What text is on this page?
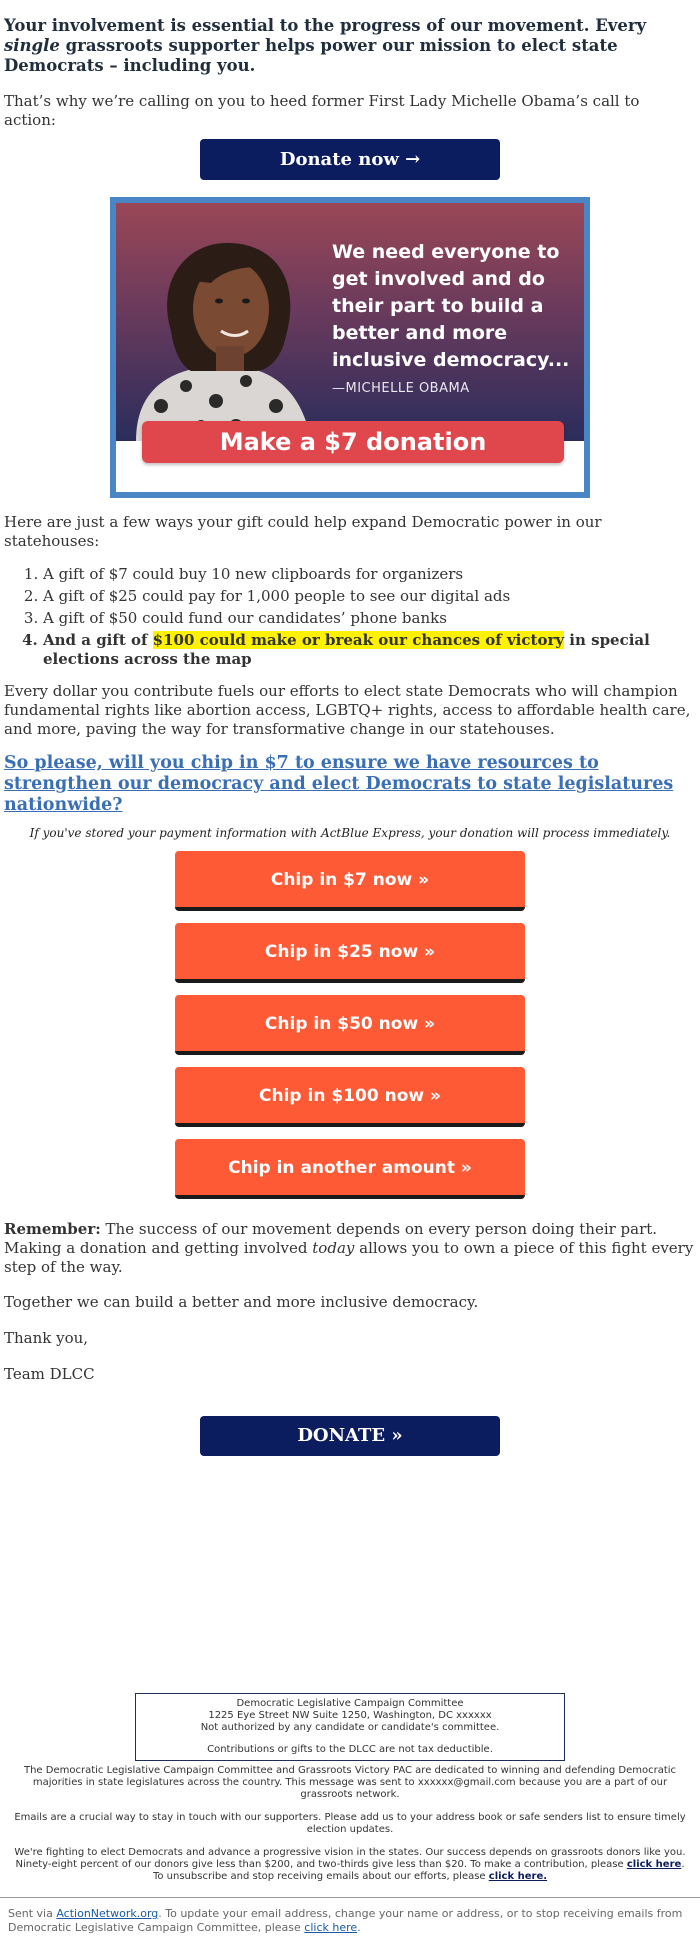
Your involvement is essential to the progress of our movement. Every single grassroots supporter helps power our mission to elect state Democrats – including you.

That’s why we’re calling on you to heed former First Lady Michelle Obama’s call to action:

Donate now →
We need everyone to get involved and do their part to build a better and more inclusive democracy...
—MICHELLE OBAMA
Make a $7 donation

Here are just a few ways your gift could help expand Democratic power in our statehouses:

1. A gift of $7 could buy 10 new clipboards for organizers
2. A gift of $25 could pay for 1,000 people to see our digital ads
3. A gift of $50 could fund our candidates’ phone banks
4. And a gift of $100 could make or break our chances of victory in special elections across the map

Every dollar you contribute fuels our efforts to elect state Democrats who will champion fundamental rights like abortion access, LGBTQ+ rights, access to affordable health care, and more, paving the way for transformative change in our statehouses.

So please, will you chip in $7 to ensure we have resources to strengthen our democracy and elect Democrats to state legislatures nationwide?

If you've stored your payment information with ActBlue Express, your donation will process immediately.

Chip in $7 now »
Chip in $25 now »
Chip in $50 now »
Chip in $100 now »
Chip in another amount »

Remember: The success of our movement depends on every person doing their part. Making a donation and getting involved today allows you to own a piece of this fight every step of the way.

Together we can build a better and more inclusive democracy.

Thank you,

Team DLCC

DONATE »
Democratic Legislative Campaign Committee
1225 Eye Street NW Suite 1250, Washington, DC xxxxxx
Not authorized by any candidate or candidate's committee.
Contributions or gifts to the DLCC are not tax deductible.

The Democratic Legislative Campaign Committee and Grassroots Victory PAC are dedicated to winning and defending Democratic majorities in state legislatures across the country. This message was sent to xxxxxx@gmail.com because you are a part of our grassroots network.

Emails are a crucial way to stay in touch with our supporters. Please add us to your address book or safe senders list to ensure timely election updates.

We're fighting to elect Democrats and advance a progressive vision in the states. Our success depends on grassroots donors like you. Ninety-eight percent of our donors give less than $200, and two-thirds give less than $20. To make a contribution, please click here. To unsubscribe and stop receiving emails about our efforts, please click here.

Sent via ActionNetwork.org. To update your email address, change your name or address, or to stop receiving emails from Democratic Legislative Campaign Committee, please click here.
